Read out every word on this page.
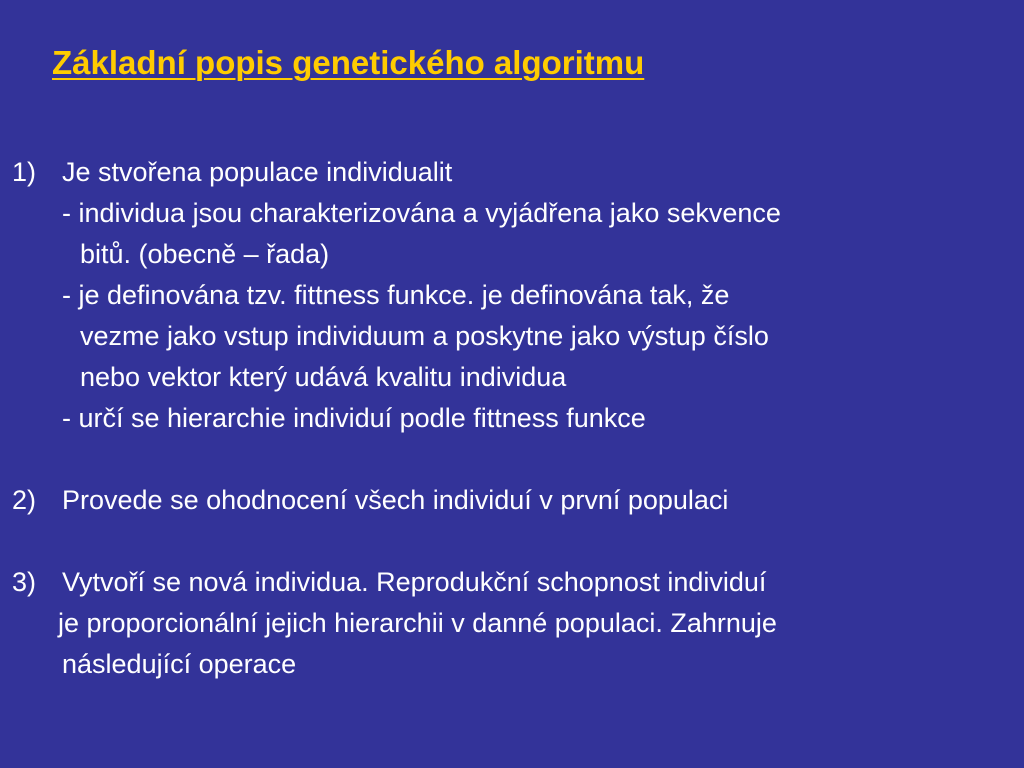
Základní popis genetického algoritmu
1) Je stvořena populace individualit
- individua jsou charakterizována a vyjádřena jako sekvence
bitů. (obecně – řada)
- je definována tzv. fittness funkce. je definována tak, že
vezme jako vstup individuum a poskytne jako výstup číslo
nebo vektor který udává kvalitu individua
- určí se hierarchie individuí podle fittness funkce
2) Provede se ohodnocení všech individuí v první populaci
3) Vytvoří se nová individua. Reprodukční schopnost individuí
je proporcionální jejich hierarchii v danné populaci. Zahrnuje
následující operace
